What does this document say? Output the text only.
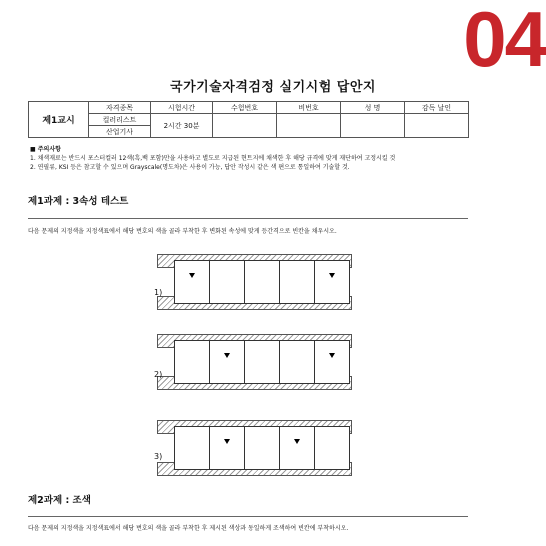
04
국가기술자격검정 실기시험 답안지
제1교시	자격종목	시험시간	수험번호	비번호	성 명	감독 날인
	컬러리스트	2시간 30분				
	산업기사					
■ 주의사항
1. 채색재료는 반드시 포스터컬러 12색(흑,백 포함)만을 사용하고 별도로 지급된 현트지에 채색한 후 해당 규격에 맞게 재단하여 고정시킬 것
2. 연필류, KSI 등은 참고할 수 있으며 Grayscale(명도차)은 사용이 가능, 답안 작성시 같은 색 편으로 통일하여 기술할 것.
제1과제 : 3속성 테스트
다음 문제의 지정색을 지정색표에서 해당 번호의 색을 골라 부착한 후 변화된 속성에 맞게 등간격으로 빈칸을 채우시오.
1)
2)
3)
제2과제 : 조색
다음 문제의 지정색을 지정색표에서 해당 번호의 색을 골라 부착한 후 제시된 색상과 동일하게 조색하여 빈칸에 부착하시오.
